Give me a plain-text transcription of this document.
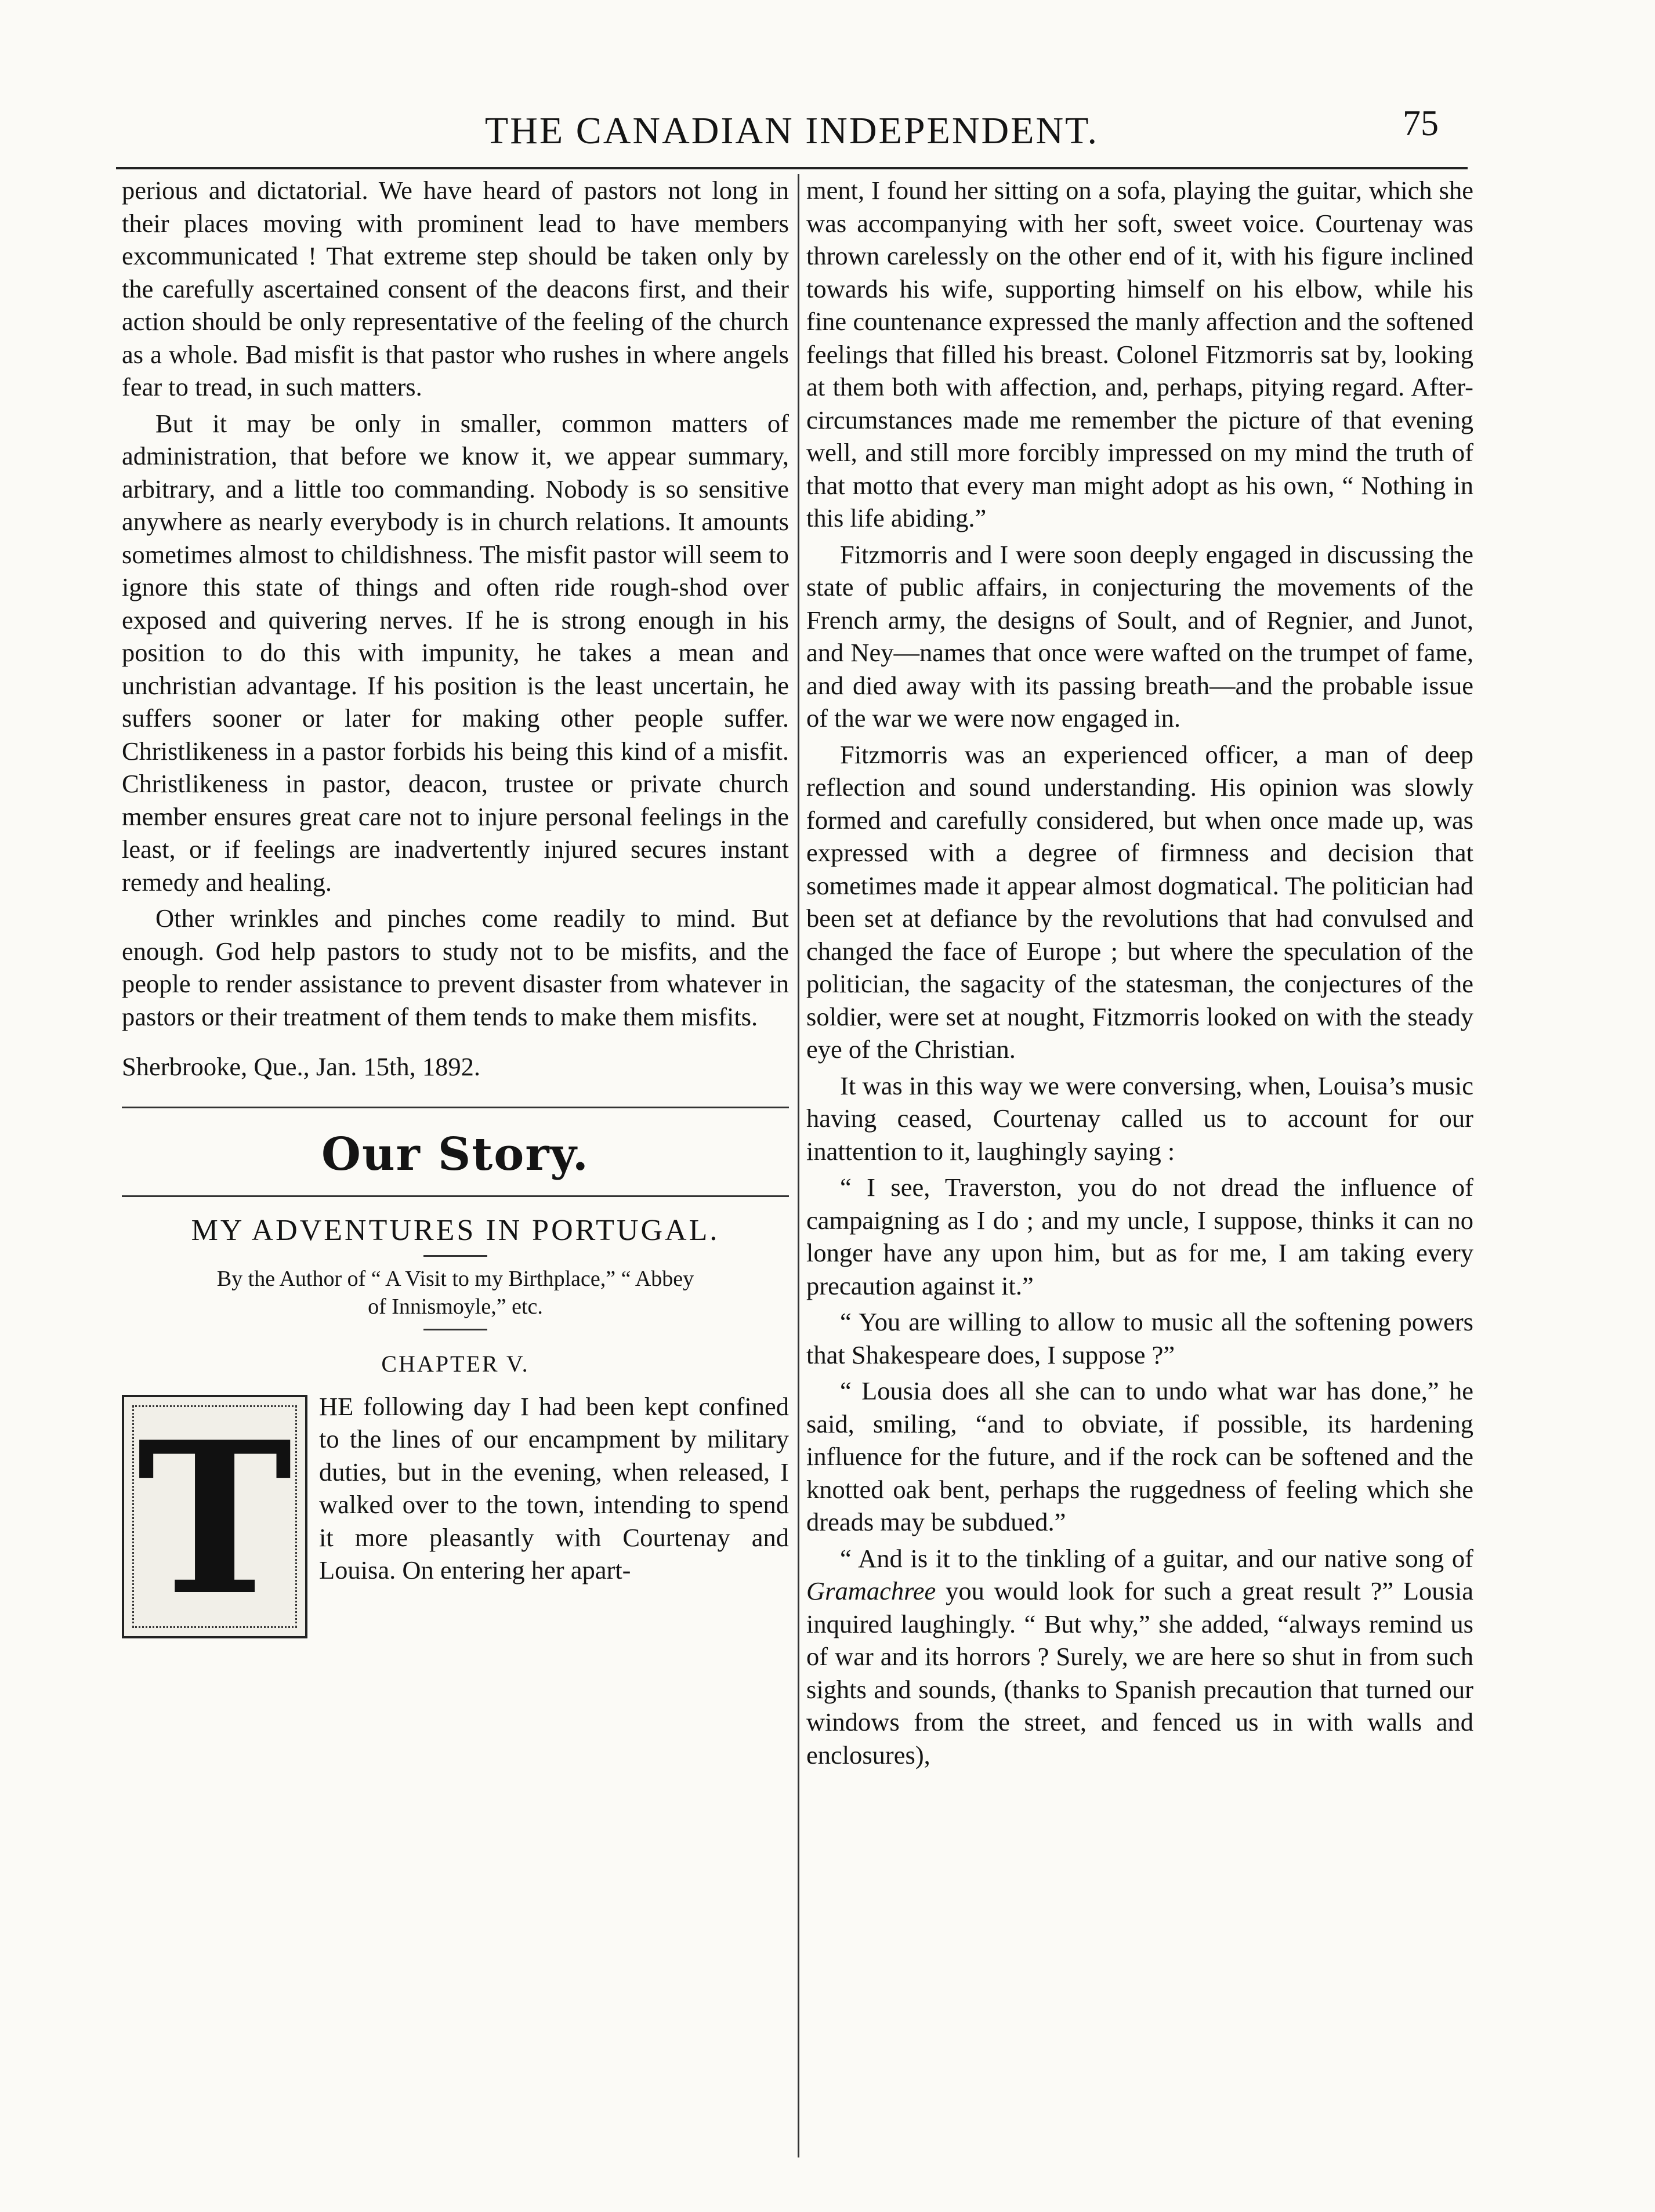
THE CANADIAN INDEPENDENT.	75

perious and dictatorial. We have heard of pastors not long in their places moving with prominent lead to have members excommunicated ! That extreme step should be taken only by the carefully ascertained consent of the deacons first, and their action should be only representative of the feeling of the church as a whole. Bad misfit is that pastor who rushes in where angels fear to tread, in such matters.

But it may be only in smaller, common matters of administration, that before we know it, we appear summary, arbitrary, and a little too commanding. Nobody is so sensitive anywhere as nearly everybody is in church relations. It amounts sometimes almost to childishness. The misfit pastor will seem to ignore this state of things and often ride rough-shod over exposed and quivering nerves. If he is strong enough in his position to do this with impunity, he takes a mean and unchristian advantage. If his position is the least uncertain, he suffers sooner or later for making other people suffer. Christlikeness in a pastor forbids his being this kind of a misfit. Christlikeness in pastor, deacon, trustee or private church member ensures great care not to injure personal feelings in the least, or if feelings are inadvertently injured secures instant remedy and healing.

Other wrinkles and pinches come readily to mind. But enough. God help pastors to study not to be misfits, and the people to render assistance to prevent disaster from whatever in pastors or their treatment of them tends to make them misfits.

Sherbrooke, Que., Jan. 15th, 1892.

Our Story.
MY ADVENTURES IN PORTUGAL.
By the Author of “ A Visit to my Birthplace,” “ Abbey
of Innismoyle,” etc.
CHAPTER V.
T	HE following day I had been kept confined to the lines of our encampment by military duties, but in the evening, when released, I walked over to the town, intending to spend it more pleasantly with Courtenay and Louisa. On entering her apart-

ment, I found her sitting on a sofa, playing the guitar, which she was accompanying with her soft, sweet voice. Courtenay was thrown carelessly on the other end of it, with his figure inclined towards his wife, supporting himself on his elbow, while his fine countenance expressed the manly affection and the softened feelings that filled his breast. Colonel Fitzmorris sat by, looking at them both with affection, and, perhaps, pitying regard. After-circumstances made me remember the picture of that evening well, and still more forcibly impressed on my mind the truth of that motto that every man might adopt as his own, “ Nothing in this life abiding.”

Fitzmorris and I were soon deeply engaged in discussing the state of public affairs, in conjecturing the movements of the French army, the designs of Soult, and of Regnier, and Junot, and Ney—names that once were wafted on the trumpet of fame, and died away with its passing breath—and the probable issue of the war we were now engaged in.

Fitzmorris was an experienced officer, a man of deep reflection and sound understanding. His opinion was slowly formed and carefully considered, but when once made up, was expressed with a degree of firmness and decision that sometimes made it appear almost dogmatical. The politician had been set at defiance by the revolutions that had convulsed and changed the face of Europe ; but where the speculation of the politician, the sagacity of the statesman, the conjectures of the soldier, were set at nought, Fitzmorris looked on with the steady eye of the Christian.

It was in this way we were conversing, when, Louisa’s music having ceased, Courtenay called us to account for our inattention to it, laughingly saying :

“ I see, Traverston, you do not dread the influence of campaigning as I do ; and my uncle, I suppose, thinks it can no longer have any upon him, but as for me, I am taking every precaution against it.”

“ You are willing to allow to music all the softening powers that Shakespeare does, I suppose ?”

“ Lousia does all she can to undo what war has done,” he said, smiling, “and to obviate, if possible, its hardening influence for the future, and if the rock can be softened and the knotted oak bent, perhaps the ruggedness of feeling which she dreads may be subdued.”

“ And is it to the tinkling of a guitar, and our native song of Gramachree you would look for such a great result ?” Lousia inquired laughingly. “ But why,” she added, “always remind us of war and its horrors ? Surely, we are here so shut in from such sights and sounds, (thanks to Spanish precaution that turned our windows from the street, and fenced us in with walls and enclosures),
